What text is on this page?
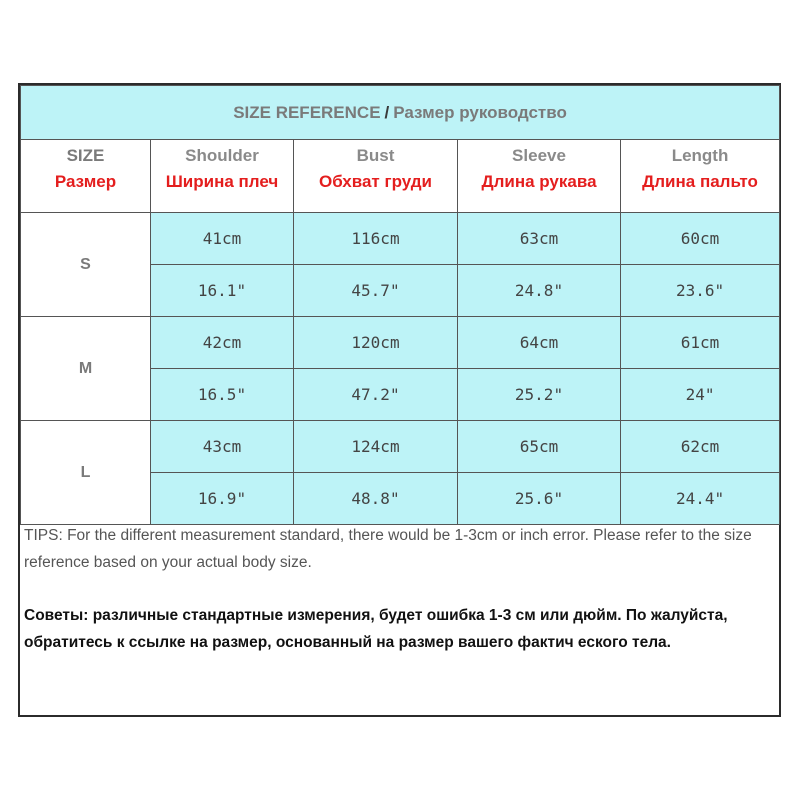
SIZE REFERENCE / Размер руководство				
SIZE	Shoulder	Bust	Sleeve	Length
Размер	Ширина плеч	Обхват груди	Длина рукава	Длина пальто
S	41cm	116cm	63cm	60cm
	16.1"	45.7"	24.8"	23.6"
M	42cm	120cm	64cm	61cm
	16.5"	47.2"	25.2"	24"
L	43cm	124cm	65cm	62cm
	16.9"	48.8"	25.6"	24.4"
TIPS: For the different measurement standard, there would be 1-3cm or inch error. Please refer to the size reference based on your actual body size.
Советы: различные стандартные измерения, будет ошибка 1-3 см или дюйм. По жалуйста, обратитесь к ссылке на размер, основанный на размер вашего фактич еского тела.
